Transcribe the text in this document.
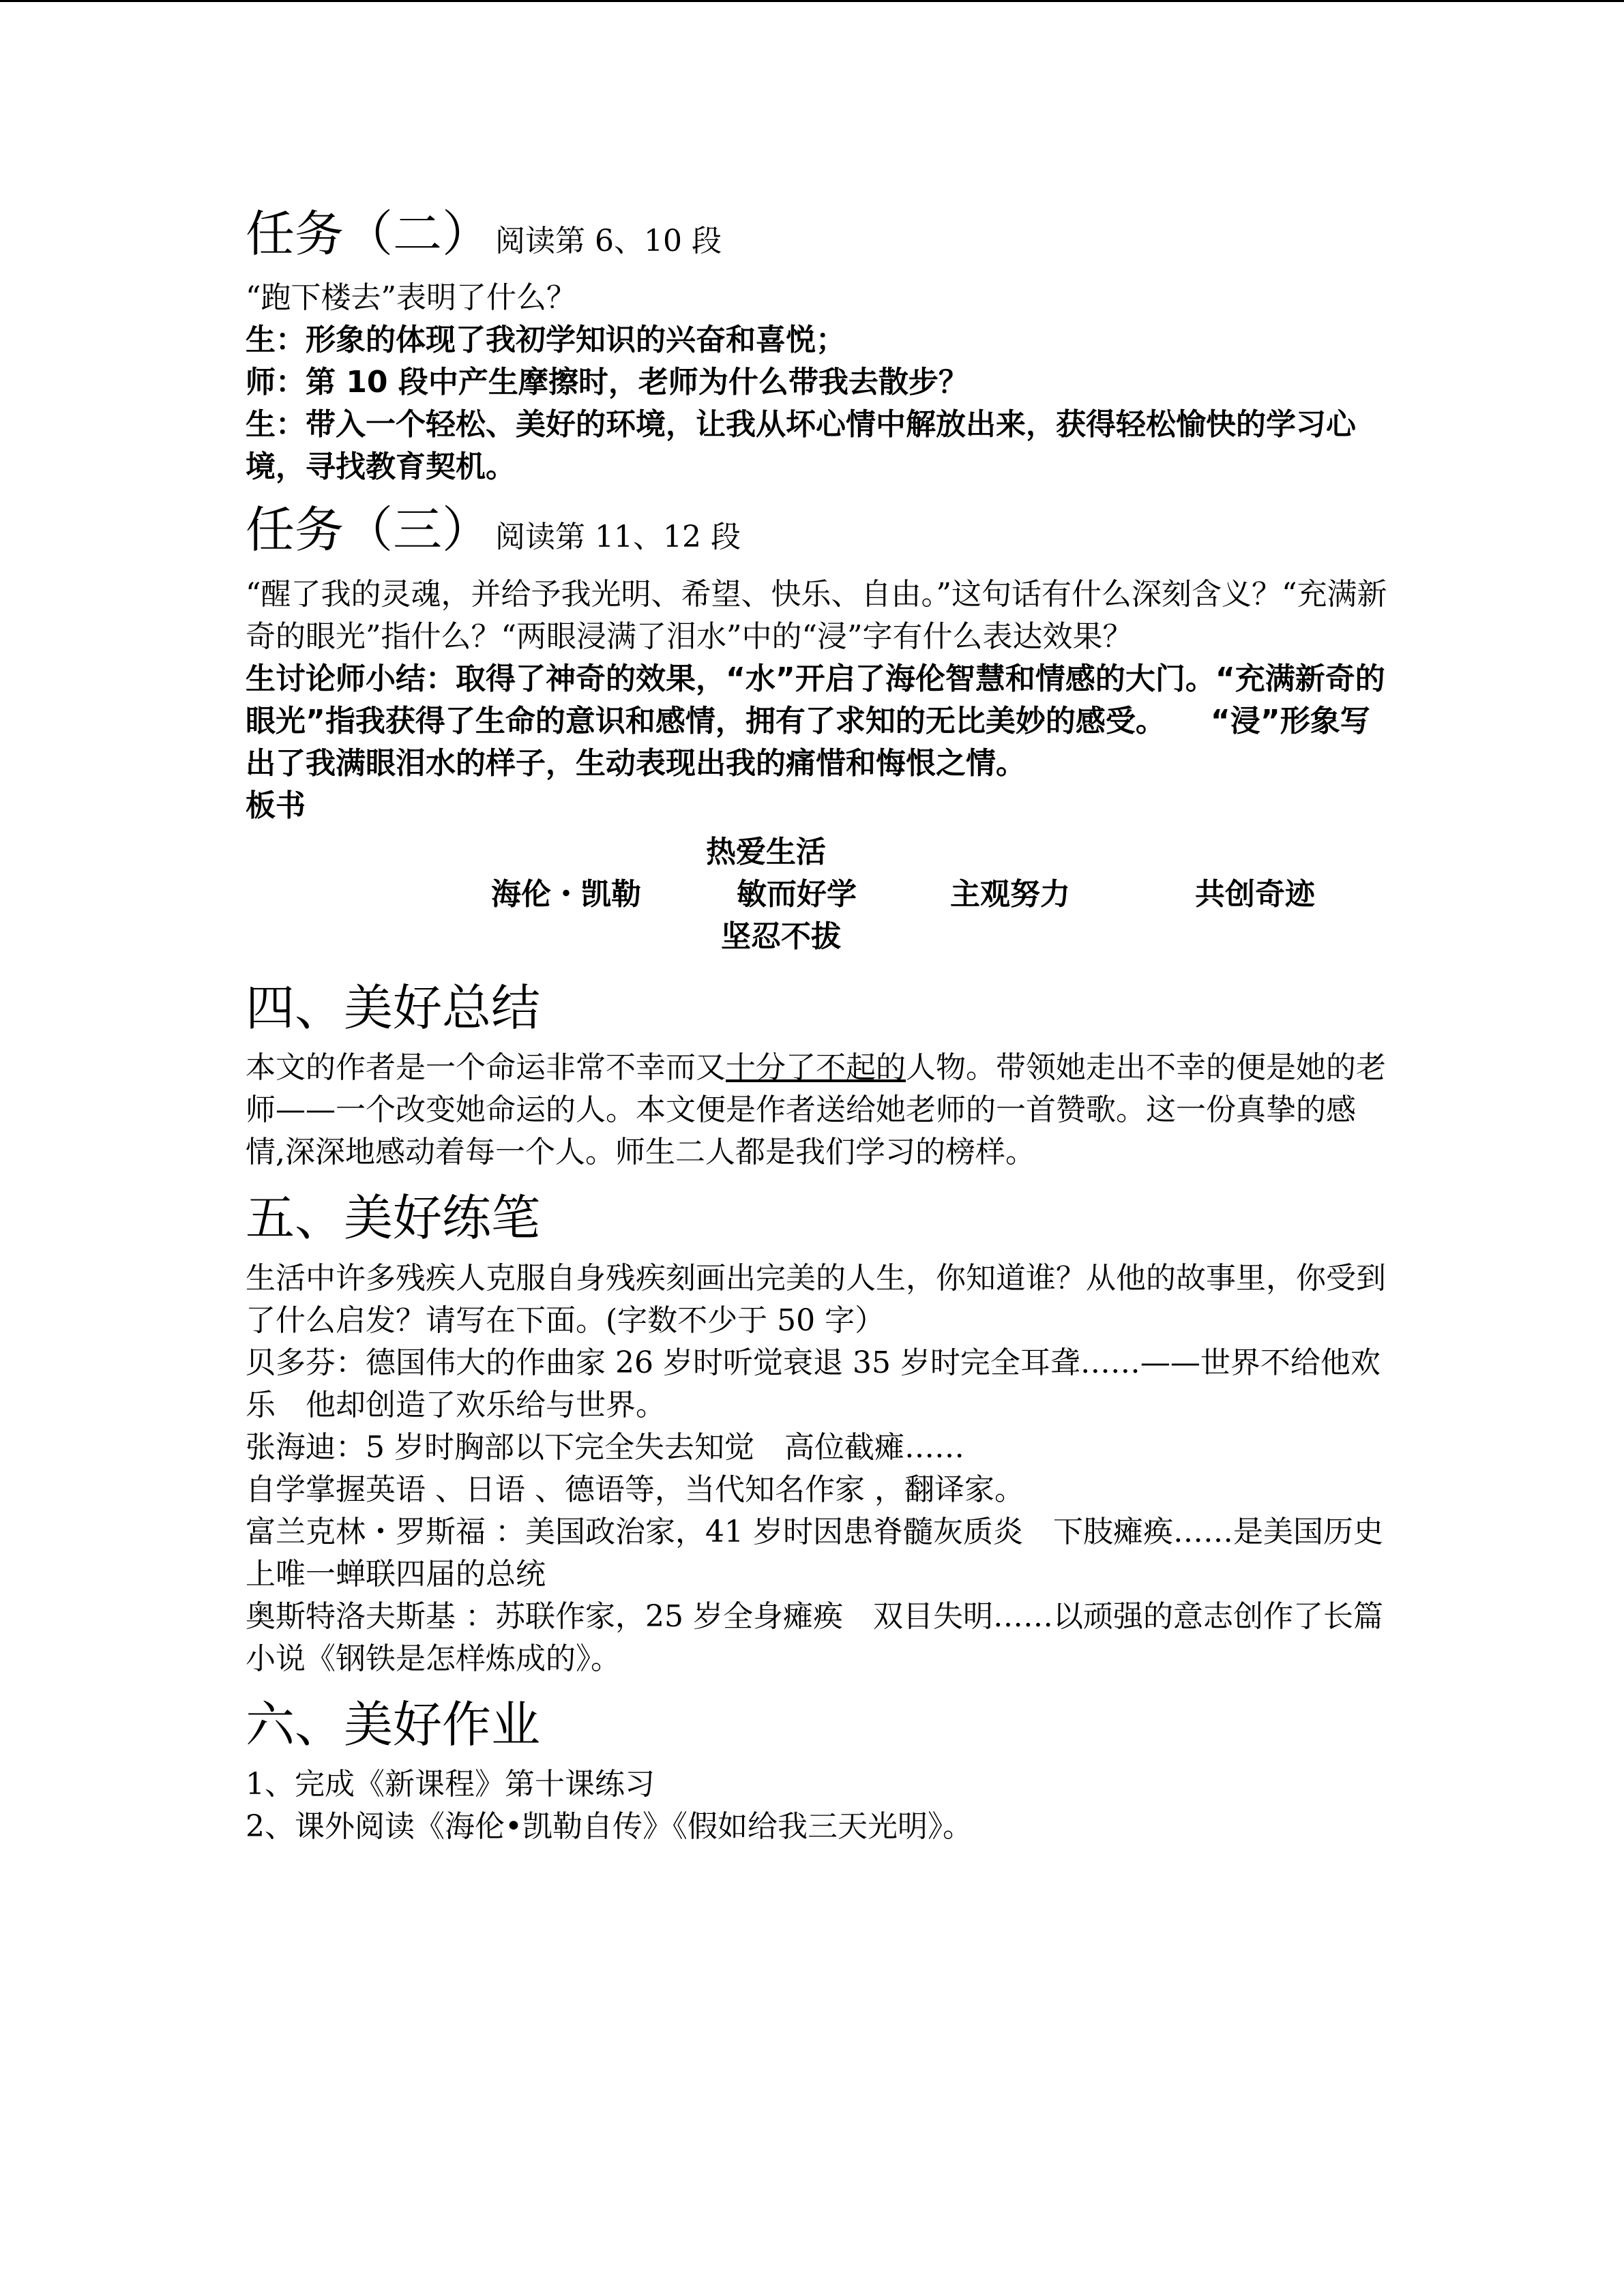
任务（二） 阅读第 6、10 段

“跑下楼去”表明了什么？

生：形象的体现了我初学知识的兴奋和喜悦；

师：第 10 段中产生摩擦时，老师为什么带我去散步？

生：带入一个轻松、美好的环境，让我从坏心情中解放出来，获得轻松愉快的学习心境，寻找教育契机。

任务（三） 阅读第 11、12 段

“醒了我的灵魂，并给予我光明、希望、快乐、自由。”这句话有什么深刻含义？“充满新奇的眼光”指什么？“两眼浸满了泪水”中的“浸”字有什么表达效果？

生讨论师小结：取得了神奇的效果，“水”开启了海伦智慧和情感的大门。“充满新奇的眼光”指我获得了生命的意识和感情，拥有了求知的无比美妙的感受。　　“浸”形象写出了我满眼泪水的样子，生动表现出我的痛惜和悔恨之情。

板书

热爱生活
海伦・凯勒	敏而好学	主观努力	共创奇迹
坚忍不拔
四、美好总结

本文的作者是一个命运非常不幸而又十分了不起的人物。带领她走出不幸的便是她的老师——一个改变她命运的人。本文便是作者送给她老师的一首赞歌。这一份真挚的感情,深深地感动着每一个人。师生二人都是我们学习的榜样。

五、美好练笔

生活中许多残疾人克服自身残疾刻画出完美的人生，你知道谁？从他的故事里，你受到了什么启发？请写在下面。(字数不少于 50 字）

贝多芬：德国伟大的作曲家 26 岁时听觉衰退 35 岁时完全耳聋……——世界不给他欢乐　他却创造了欢乐给与世界。

张海迪：5 岁时胸部以下完全失去知觉　高位截瘫……

自学掌握英语 、日语 、德语等，当代知名作家 ，翻译家。

富兰克林・罗斯福 ：美国政治家，41 岁时因患脊髓灰质炎　下肢瘫痪……是美国历史上唯一蝉联四届的总统

奥斯特洛夫斯基 ：苏联作家，25 岁全身瘫痪　双目失明……以顽强的意志创作了长篇小说《钢铁是怎样炼成的》。

六、美好作业

1、完成《新课程》第十课练习

2、课外阅读《海伦•凯勒自传》《假如给我三天光明》。
